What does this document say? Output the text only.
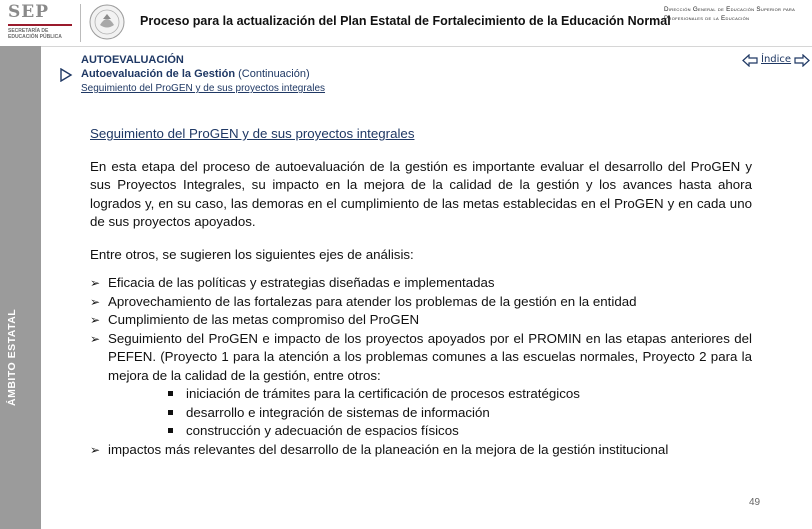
SEP
SECRETARÍA DE EDUCACIÓN PÚBLICA
Proceso para la actualización del Plan Estatal de Fortalecimiento de la Educación Normal
Dirección General de Educación Superior para Profesionales de la Educación
ÁMBITO ESTATAL
AUTOEVALUACIÓN
Autoevaluación de la Gestión (Continuación)
Seguimiento del ProGEN y de sus proyectos integrales
Índice
Seguimiento del ProGEN y de sus proyectos integrales

En esta etapa del proceso de autoevaluación de la gestión es importante evaluar el desarrollo del ProGEN y sus Proyectos Integrales, su impacto en la mejora de la calidad de la gestión y los avances hasta ahora logrados y, en su caso, las demoras en el cumplimiento de las metas establecidas en el ProGEN y en cada uno de sus proyectos apoyados.

Entre otros, se sugieren los siguientes ejes de análisis:

➢ Eficacia de las políticas y estrategias diseñadas e implementadas
➢ Aprovechamiento de las fortalezas para atender los problemas de la gestión en la entidad
➢ Cumplimiento de las metas compromiso del ProGEN
➢ Seguimiento del ProGEN e impacto de los proyectos apoyados por el PROMIN en las etapas anteriores del PEFEN. (Proyecto 1 para la atención a los problemas comunes a las escuelas normales, Proyecto 2 para la mejora de la calidad de la gestión, entre otros:
iniciación de trámites para la certificación de procesos estratégicos
desarrollo e integración de sistemas de información
construcción y adecuación de espacios físicos
➢ impactos más relevantes del desarrollo de la planeación en la mejora de la gestión institucional
49
